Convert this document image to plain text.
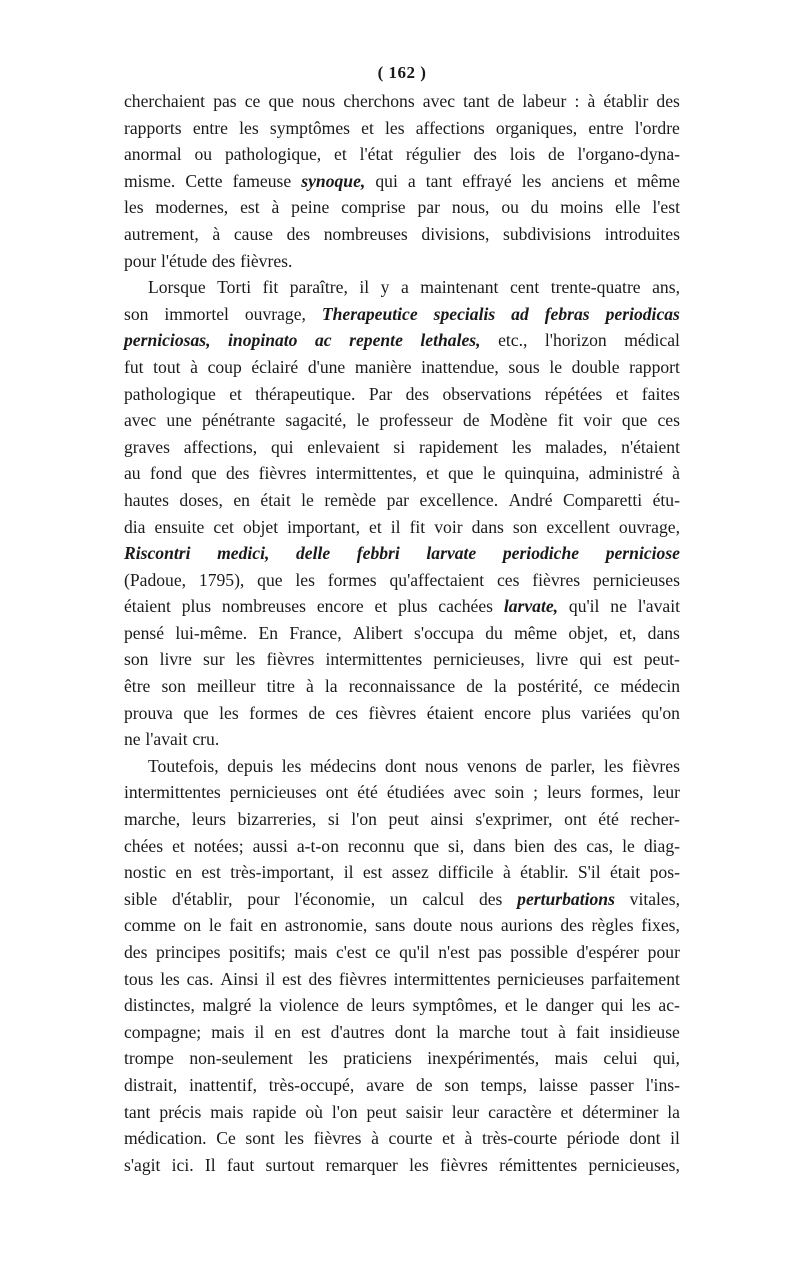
( 162 )
cherchaient pas ce que nous cherchons avec tant de labeur : à établir des
rapports entre les symptômes et les affections organiques, entre l'ordre
anormal ou pathologique, et l'état régulier des lois de l'organo-dyna-
misme. Cette fameuse synoque, qui a tant effrayé les anciens et même
les modernes, est à peine comprise par nous, ou du moins elle l'est
autrement, à cause des nombreuses divisions, subdivisions introduites
pour l'étude des fièvres.
Lorsque Torti fit paraître, il y a maintenant cent trente-quatre ans,
son immortel ouvrage, Therapeutice specialis ad febras periodicas
perniciosas, inopinato ac repente lethales, etc., l'horizon médical
fut tout à coup éclairé d'une manière inattendue, sous le double rapport
pathologique et thérapeutique. Par des observations répétées et faites
avec une pénétrante sagacité, le professeur de Modène fit voir que ces
graves affections, qui enlevaient si rapidement les malades, n'étaient
au fond que des fièvres intermittentes, et que le quinquina, administré à
hautes doses, en était le remède par excellence. André Comparetti étu-
dia ensuite cet objet important, et il fit voir dans son excellent ouvrage,
Riscontri medici, delle febbri larvate periodiche perniciose
(Padoue, 1795), que les formes qu'affectaient ces fièvres pernicieuses
étaient plus nombreuses encore et plus cachées larvate, qu'il ne l'avait
pensé lui-même. En France, Alibert s'occupa du même objet, et, dans
son livre sur les fièvres intermittentes pernicieuses, livre qui est peut-
être son meilleur titre à la reconnaissance de la postérité, ce médecin
prouva que les formes de ces fièvres étaient encore plus variées qu'on
ne l'avait cru.
Toutefois, depuis les médecins dont nous venons de parler, les fièvres
intermittentes pernicieuses ont été étudiées avec soin ; leurs formes, leur
marche, leurs bizarreries, si l'on peut ainsi s'exprimer, ont été recher-
chées et notées; aussi a-t-on reconnu que si, dans bien des cas, le diag-
nostic en est très-important, il est assez difficile à établir. S'il était pos-
sible d'établir, pour l'économie, un calcul des perturbations vitales,
comme on le fait en astronomie, sans doute nous aurions des règles fixes,
des principes positifs; mais c'est ce qu'il n'est pas possible d'espérer pour
tous les cas. Ainsi il est des fièvres intermittentes pernicieuses parfaitement
distinctes, malgré la violence de leurs symptômes, et le danger qui les ac-
compagne; mais il en est d'autres dont la marche tout à fait insidieuse
trompe non-seulement les praticiens inexpérimentés, mais celui qui,
distrait, inattentif, très-occupé, avare de son temps, laisse passer l'ins-
tant précis mais rapide où l'on peut saisir leur caractère et déterminer la
médication. Ce sont les fièvres à courte et à très-courte période dont il
s'agit ici. Il faut surtout remarquer les fièvres rémittentes pernicieuses,
